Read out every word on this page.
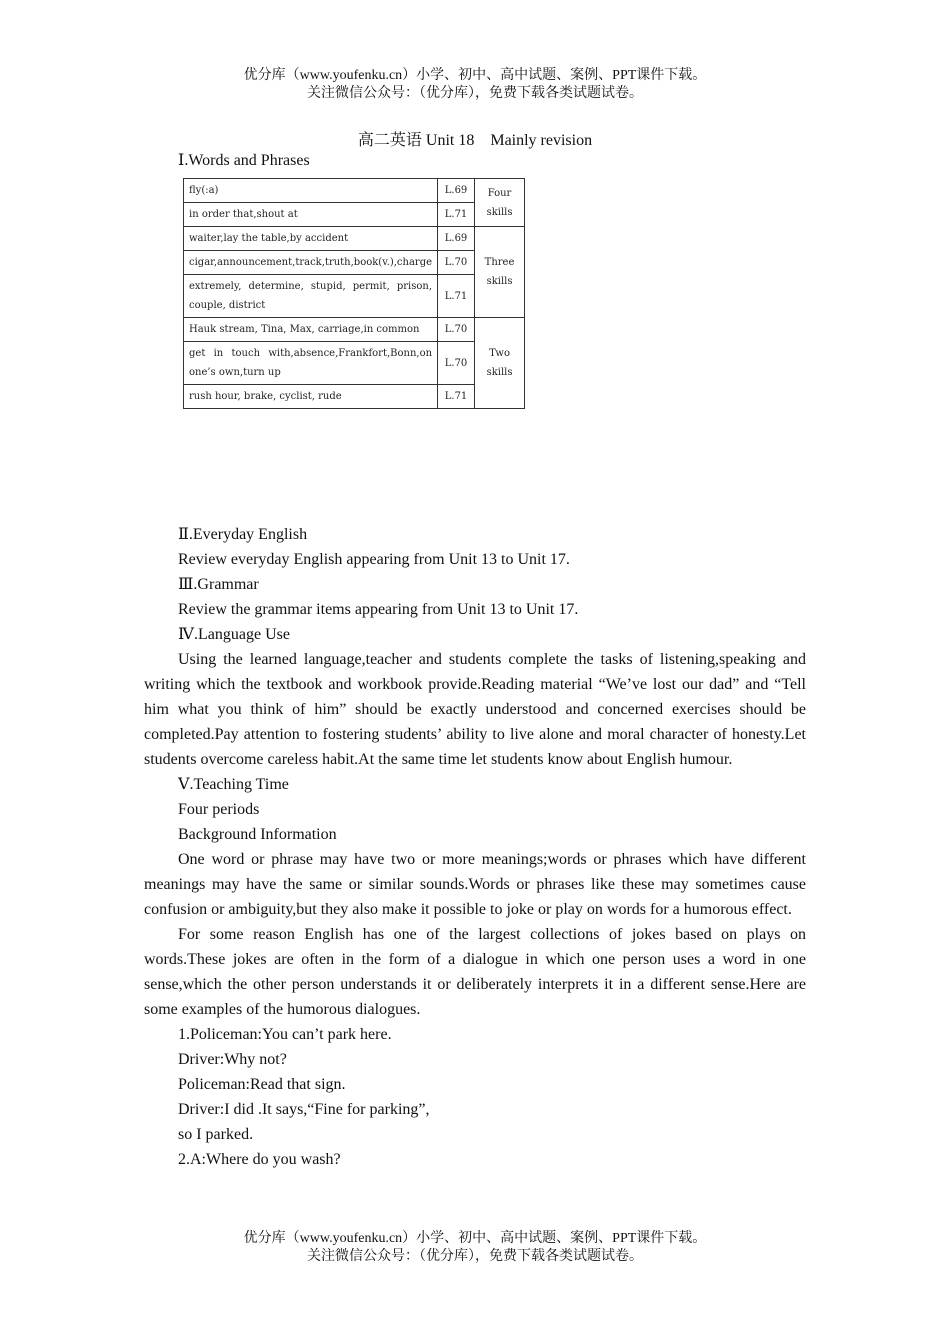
优分库（www.youfenku.cn）小学、初中、高中试题、案例、PPT课件下载。
关注微信公众号：（优分库），免费下载各类试题试卷。
高二英语 Unit 18　Mainly revision
Ⅰ.Words and Phrases
fly(:a)	L.69	Four skills
in order that,shout at	L.71	
waiter,lay the table,by accident	L.69	Three skills
cigar,announcement,track,truth,book(v.),charge	L.70	
extremely, determine, stupid, permit, prison, couple, district	L.71	
Hauk stream, Tina, Max, carriage,in common	L.70	Two skills
get in touch with,absence,Frankfort,Bonn,on one’s own,turn up	L.70	
rush hour, brake, cyclist, rude	L.71	

Ⅱ.Everyday English

Review everyday English appearing from Unit 13 to Unit 17.

Ⅲ.Grammar

Review the grammar items appearing from Unit 13 to Unit 17.

Ⅳ.Language Use

Using the learned language,teacher and students complete the tasks of listening,speaking and writing which the textbook and workbook provide.Reading material “We’ve lost our dad” and “Tell him what you think of him” should be exactly understood and concerned exercises should be completed.Pay attention to fostering students’ ability to live alone and moral character of honesty.Let students overcome careless habit.At the same time let students know about English humour.

Ⅴ.Teaching Time

Four periods

Background Information

One word or phrase may have two or more meanings;words or phrases which have different meanings may have the same or similar sounds.Words or phrases like these may sometimes cause confusion or ambiguity,but they also make it possible to joke or play on words for a humorous effect.

For some reason English has one of the largest collections of jokes based on plays on words.These jokes are often in the form of a dialogue in which one person uses a word in one sense,which the other person understands it or deliberately interprets it in a different sense.Here are some examples of the humorous dialogues.

1.Policeman:You can’t park here.

Driver:Why not?

Policeman:Read that sign.

Driver:I did .It says,“Fine for parking”,

so I parked.

2.A:Where do you wash?

优分库（www.youfenku.cn）小学、初中、高中试题、案例、PPT课件下载。
关注微信公众号：（优分库），免费下载各类试题试卷。
